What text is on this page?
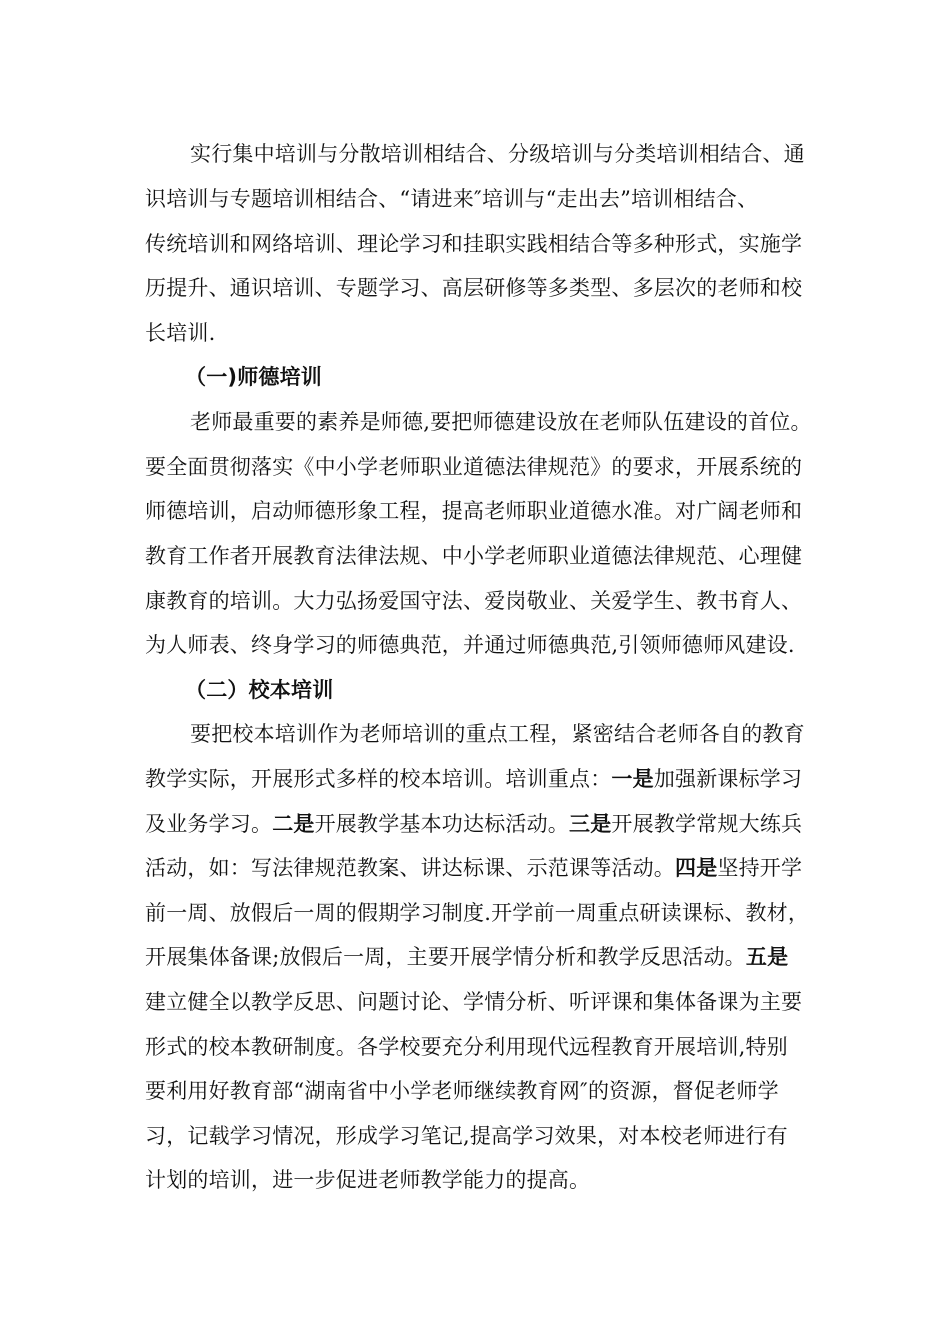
实行集中培训与分散培训相结合、分级培训与分类培训相结合、通
识培训与专题培训相结合、“请进来″培训与“走出去”培训相结合、
传统培训和网络培训、理论学习和挂职实践相结合等多种形式，实施学
历提升、通识培训、专题学习、高层研修等多类型、多层次的老师和校
长培训.
（一)师德培训
老师最重要的素养是师德,要把师德建设放在老师队伍建设的首位。
要全面贯彻落实《中小学老师职业道德法律规范》的要求，开展系统的
师德培训，启动师德形象工程，提高老师职业道德水准。对广阔老师和
教育工作者开展教育法律法规、中小学老师职业道德法律规范、心理健
康教育的培训。大力弘扬爱国守法、爱岗敬业、关爱学生、教书育人、
为人师表、终身学习的师德典范，并通过师德典范,引领师德师风建设.
（二）校本培训
要把校本培训作为老师培训的重点工程，紧密结合老师各自的教育
教学实际，开展形式多样的校本培训。培训重点：一是加强新课标学习
及业务学习。二是开展教学基本功达标活动。三是开展教学常规大练兵
活动，如：写法律规范教案、讲达标课、示范课等活动。四是坚持开学
前一周、放假后一周的假期学习制度.开学前一周重点研读课标、教材，
开展集体备课;放假后一周，主要开展学情分析和教学反思活动。五是
建立健全以教学反思、问题讨论、学情分析、听评课和集体备课为主要
形式的校本教研制度。各学校要充分利用现代远程教育开展培训,特别
要利用好教育部“湖南省中小学老师继续教育网″的资源，督促老师学
习，记载学习情况，形成学习笔记,提高学习效果，对本校老师进行有
计划的培训，进一步促进老师教学能力的提高。
